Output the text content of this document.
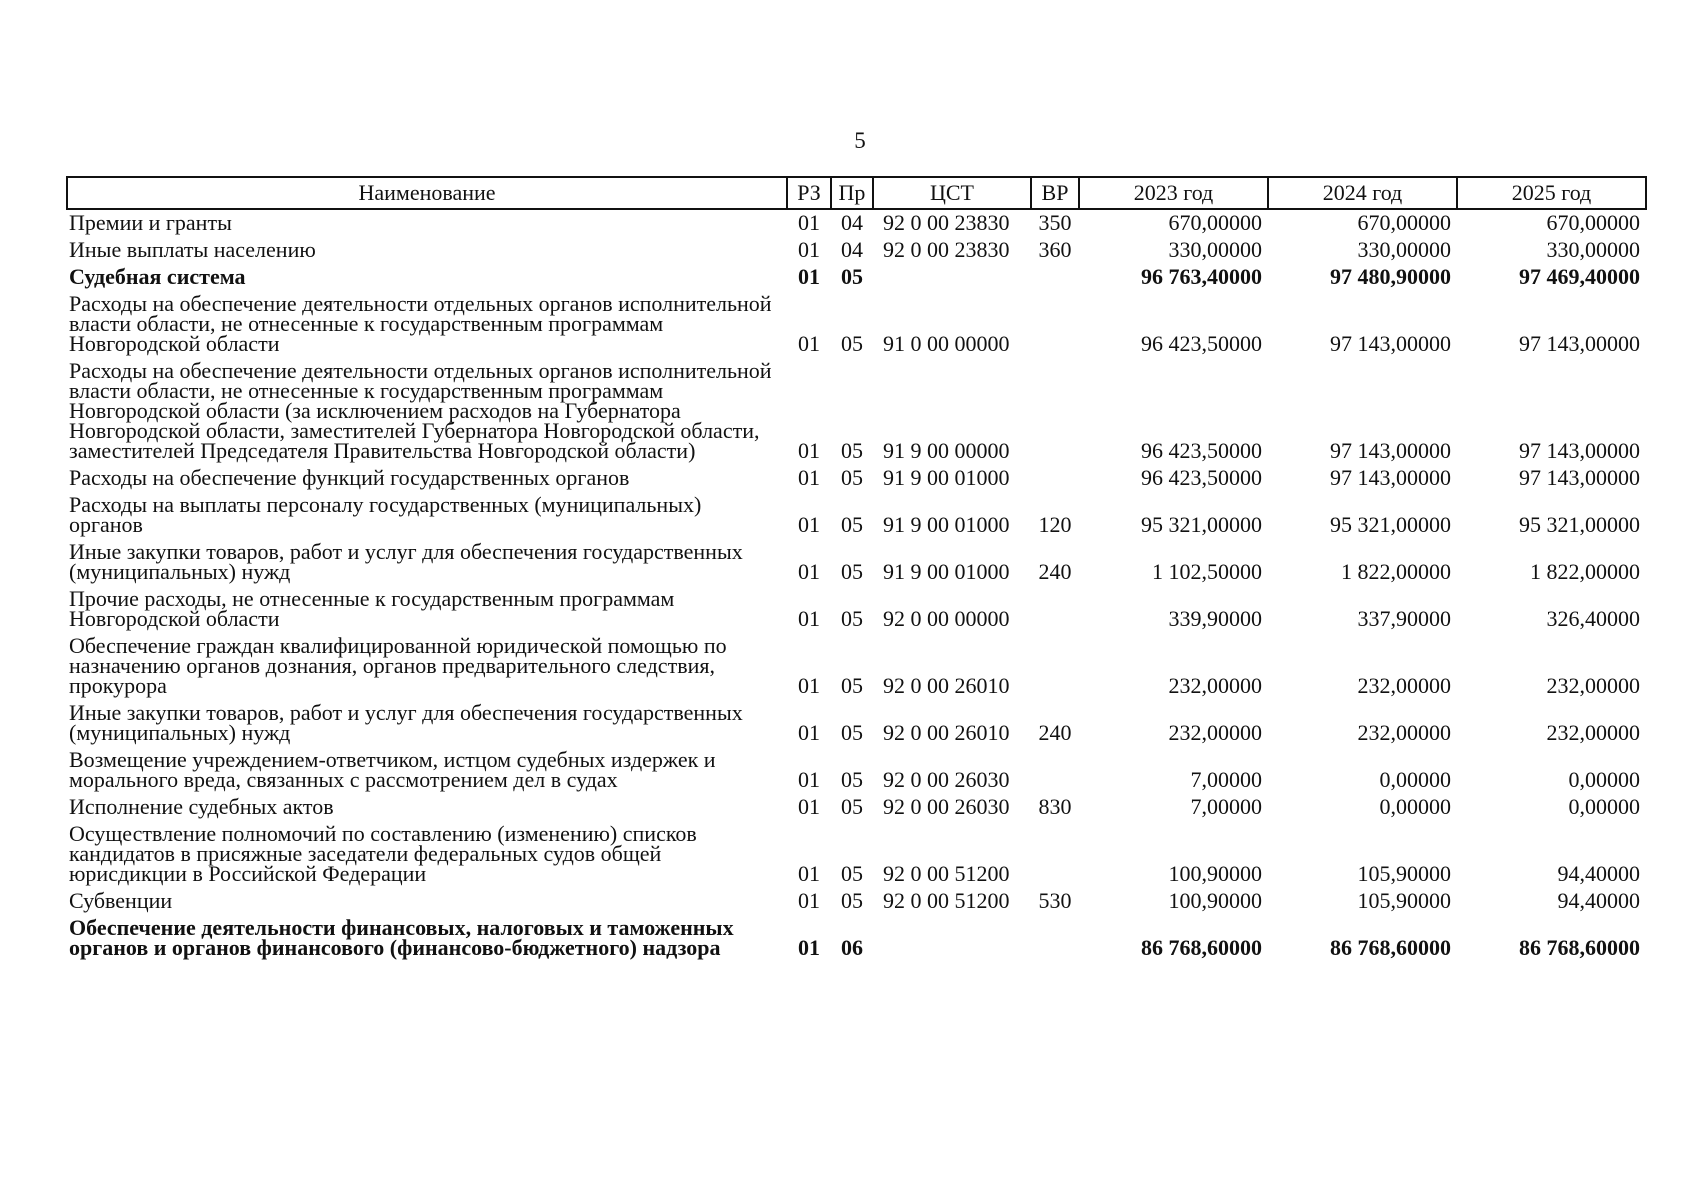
5
Наименование	РЗ	Пр	ЦСТ	ВР	2023 год	2024 год	2025 год
Премии и гранты	01	04	92 0 00 23830	350	670,00000	670,00000	670,00000
Иные выплаты населению	01	04	92 0 00 23830	360	330,00000	330,00000	330,00000
Судебная система	01	05			96 763,40000	97 480,90000	97 469,40000
Расходы на обеспечение деятельности отдельных органов исполнительной власти области, не отнесенные к государственным программам Новгородской области	01	05	91 0 00 00000		96 423,50000	97 143,00000	97 143,00000
Расходы на обеспечение деятельности отдельных органов исполнительной власти области, не отнесенные к государственным программам Новгородской области (за исключением расходов на Губернатора Новгородской области, заместителей Губернатора Новгородской области, заместителей Председателя Правительства Новгородской области)	01	05	91 9 00 00000		96 423,50000	97 143,00000	97 143,00000
Расходы на обеспечение функций государственных органов	01	05	91 9 00 01000		96 423,50000	97 143,00000	97 143,00000
Расходы на выплаты персоналу государственных (муниципальных) органов	01	05	91 9 00 01000	120	95 321,00000	95 321,00000	95 321,00000
Иные закупки товаров, работ и услуг для обеспечения государственных (муниципальных) нужд	01	05	91 9 00 01000	240	1 102,50000	1 822,00000	1 822,00000
Прочие расходы, не отнесенные к государственным программам Новгородской области	01	05	92 0 00 00000		339,90000	337,90000	326,40000
Обеспечение граждан квалифицированной юридической помощью по назначению органов дознания, органов предварительного следствия, прокурора	01	05	92 0 00 26010		232,00000	232,00000	232,00000
Иные закупки товаров, работ и услуг для обеспечения государственных (муниципальных) нужд	01	05	92 0 00 26010	240	232,00000	232,00000	232,00000
Возмещение учреждением-ответчиком, истцом судебных издержек и морального вреда, связанных с рассмотрением дел в судах	01	05	92 0 00 26030		7,00000	0,00000	0,00000
Исполнение судебных актов	01	05	92 0 00 26030	830	7,00000	0,00000	0,00000
Осуществление полномочий по составлению (изменению) списков кандидатов в присяжные заседатели федеральных судов общей юрисдикции в Российской Федерации	01	05	92 0 00 51200		100,90000	105,90000	94,40000
Субвенции	01	05	92 0 00 51200	530	100,90000	105,90000	94,40000
Обеспечение деятельности финансовых, налоговых и таможенных органов и органов финансового (финансово-бюджетного) надзора	01	06			86 768,60000	86 768,60000	86 768,60000
